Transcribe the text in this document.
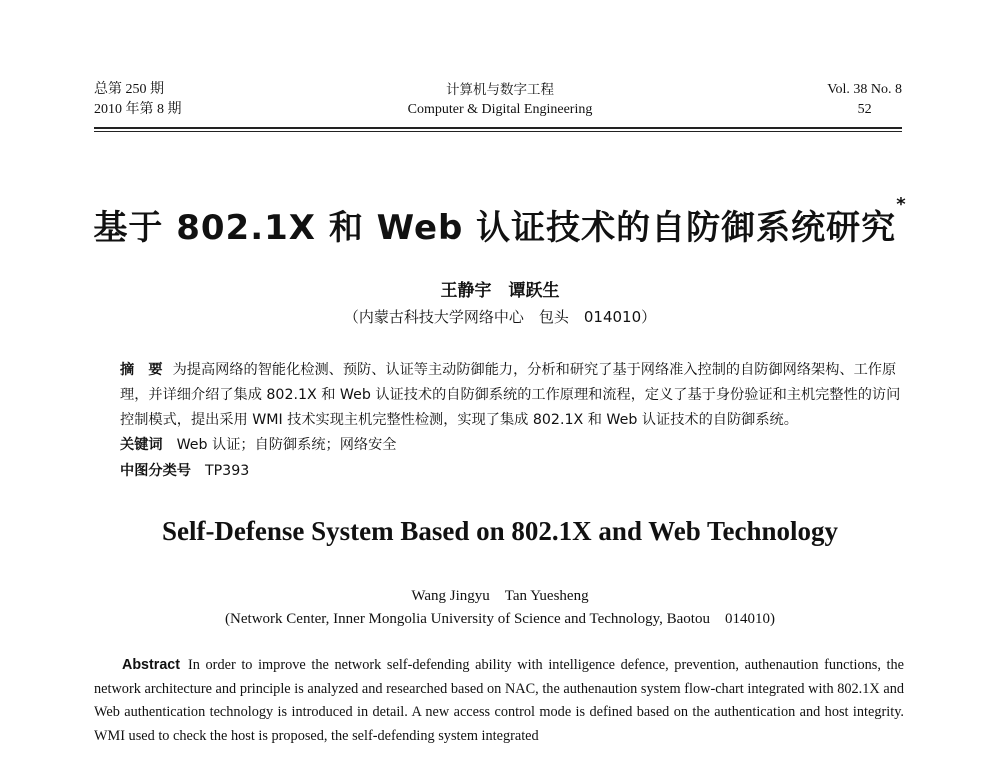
总第 250 期
2010 年第 8 期
计算机与数字工程
Computer & Digital Engineering
Vol. 38 No. 8
52
基于 802.1X 和 Web 认证技术的自防御系统研究*
王静宇　谭跃生
（内蒙古科技大学网络中心　包头　014010）
摘　要 为提高网络的智能化检测、预防、认证等主动防御能力，分析和研究了基于网络准入控制的自防御网络架构、工作原理，并详细介绍了集成 802.1X 和 Web 认证技术的自防御系统的工作原理和流程，定义了基于身份验证和主机完整性的访问控制模式，提出采用 WMI 技术实现主机完整性检测，实现了集成 802.1X 和 Web 认证技术的自防御系统。
关键词 Web 认证；自防御系统；网络安全
中图分类号 TP393
Self-Defense System Based on 802.1X and Web Technology
Wang Jingyu　Tan Yuesheng
(Network Center, Inner Mongolia University of Science and Technology, Baotou　014010)
Abstract In order to improve the network self-defending ability with intelligence defence, prevention, authenaution functions, the network architecture and principle is analyzed and researched based on NAC, the authenaution system flow-chart integrated with 802.1X and Web authentication technology is introduced in detail. A new access control mode is defined based on the authentication and host integrity. WMI used to check the host is proposed, the self-defending system integrated
